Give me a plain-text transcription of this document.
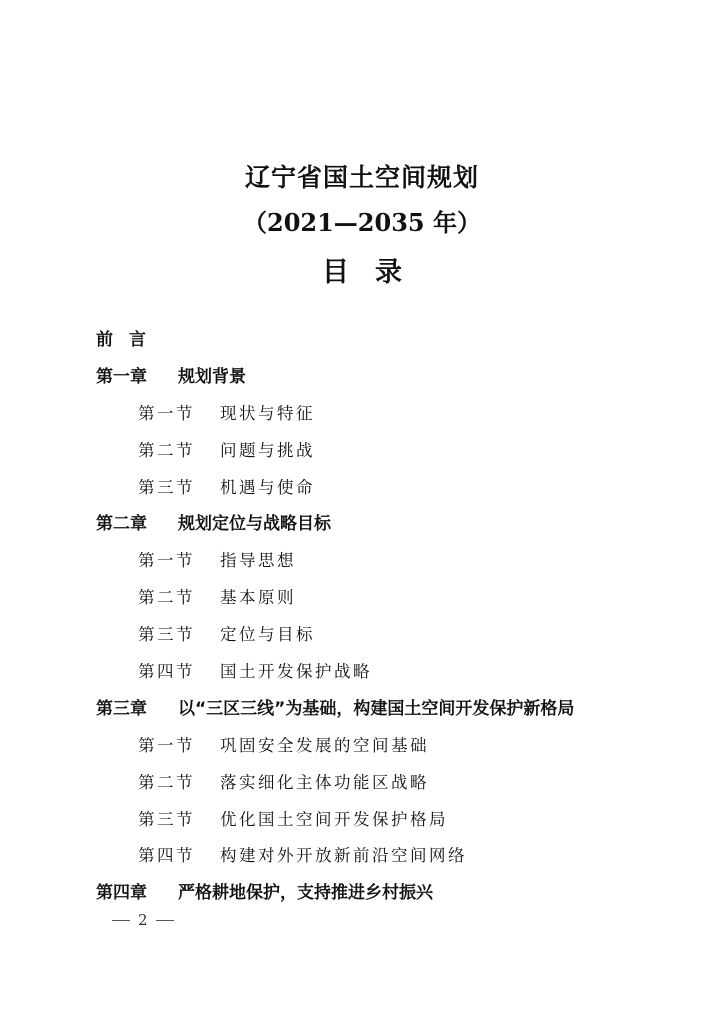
辽宁省国土空间规划
（2021—2035 年）
目录
前言
第一章 规划背景
第一节 现状与特征
第二节 问题与挑战
第三节 机遇与使命
第二章 规划定位与战略目标
第一节 指导思想
第二节 基本原则
第三节 定位与目标
第四节 国土开发保护战略
第三章 以“三区三线”为基础，构建国土空间开发保护新格局
第一节 巩固安全发展的空间基础
第二节 落实细化主体功能区战略
第三节 优化国土空间开发保护格局
第四节 构建对外开放新前沿空间网络
第四章 严格耕地保护，支持推进乡村振兴
2
